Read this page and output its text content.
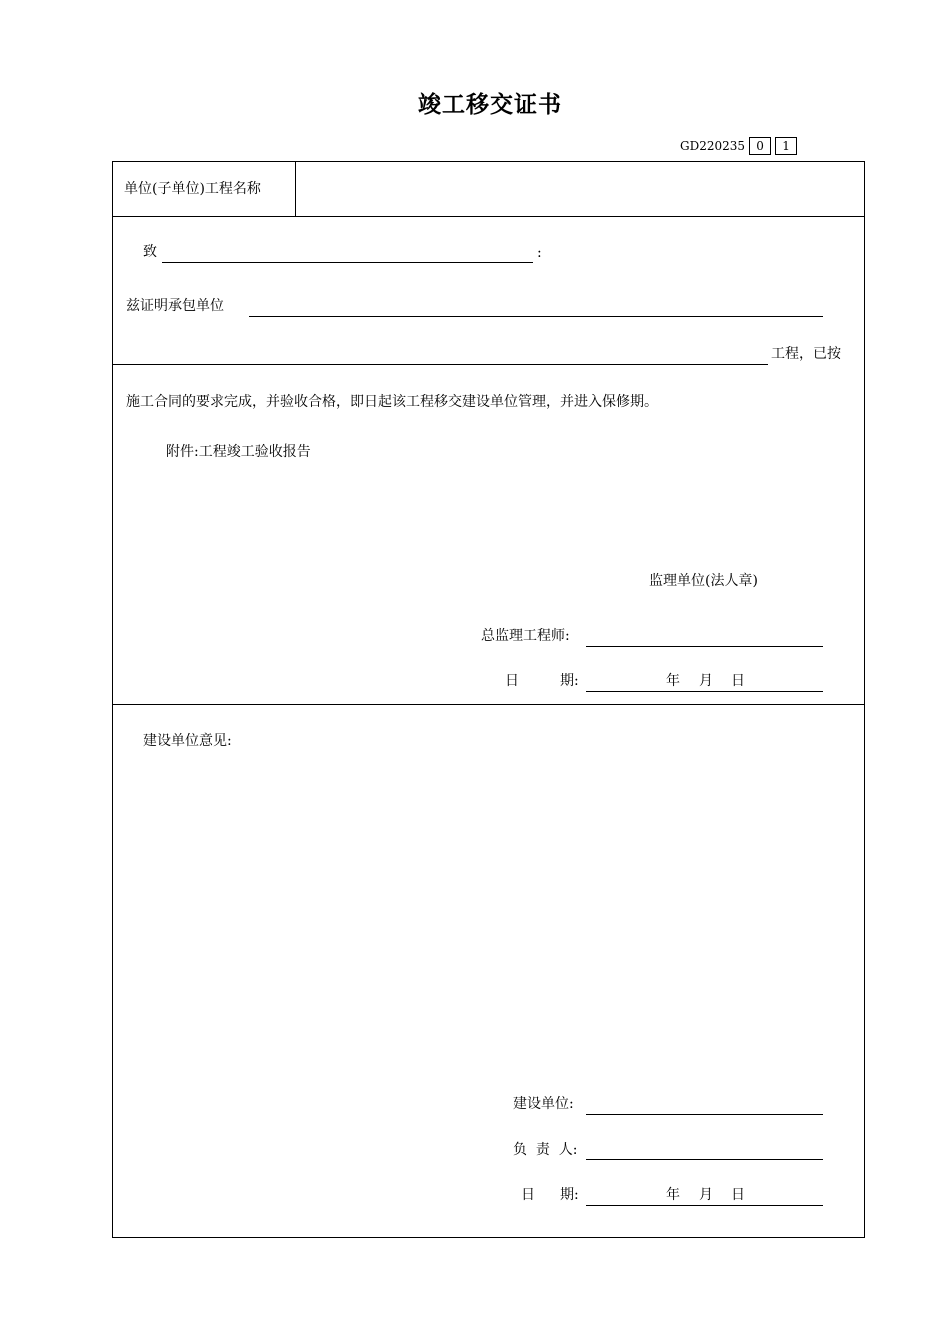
竣工移交证书
GD220235 0	1
单位(子单位)工程名称
致	:
兹证明承包单位
工程，已按
施工合同的要求完成，并验收合格，即日起该工程移交建设单位管理，并进入保修期。
附件:工程竣工验收报告
监理单位(法人章)
总监理工程师:
日	期:	年 月 日
建设单位意见:
建设单位:
负  责  人:
日 期:	年 月 日
